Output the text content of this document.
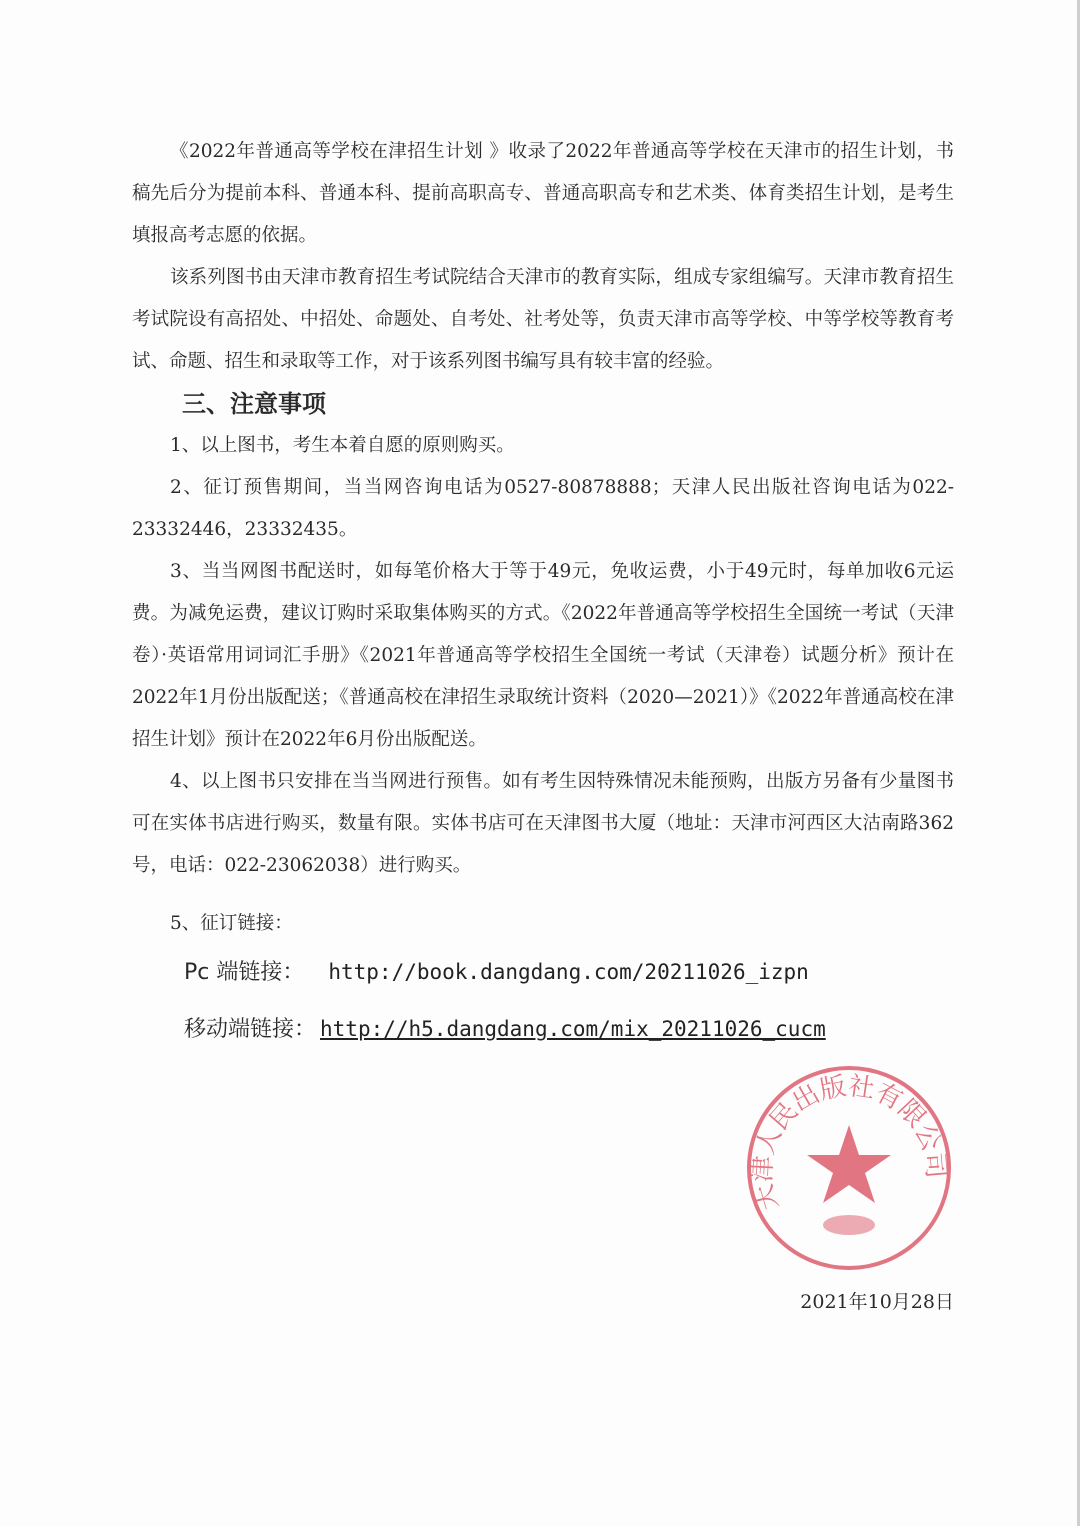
《2022年普通高等学校在津招生计划 》收录了2022年普通高等学校在天津市的招生计划，书稿先后分为提前本科、普通本科、提前高职高专、普通高职高专和艺术类、体育类招生计划，是考生填报高考志愿的依据。

该系列图书由天津市教育招生考试院结合天津市的教育实际，组成专家组编写。天津市教育招生考试院设有高招处、中招处、命题处、自考处、社考处等，负责天津市高等学校、中等学校等教育考试、命题、招生和录取等工作，对于该系列图书编写具有较丰富的经验。

三、注意事项

1、以上图书，考生本着自愿的原则购买。

2、征订预售期间，当当网咨询电话为0527-80878888；天津人民出版社咨询电话为022-23332446，23332435。

3、当当网图书配送时，如每笔价格大于等于49元，免收运费，小于49元时，每单加收6元运费。为减免运费，建议订购时采取集体购买的方式。《2022年普通高等学校招生全国统一考试（天津卷）·英语常用词词汇手册》《2021年普通高等学校招生全国统一考试（天津卷）试题分析》预计在2022年1月份出版配送；《普通高校在津招生录取统计资料（2020—2021）》《2022年普通高校在津招生计划》预计在2022年6月份出版配送。

4、以上图书只安排在当当网进行预售。如有考生因特殊情况未能预购，出版方另备有少量图书可在实体书店进行购买，数量有限。实体书店可在天津图书大厦（地址：天津市河西区大沽南路362号，电话：022-23062038）进行购买。

5、征订链接：

Pc 端链接： http://book.dangdang.com/20211026_izpn
移动端链接： http://h5.dangdang.com/mix_20211026_cucm
天津人民出版社有限公司
2021年10月28日
